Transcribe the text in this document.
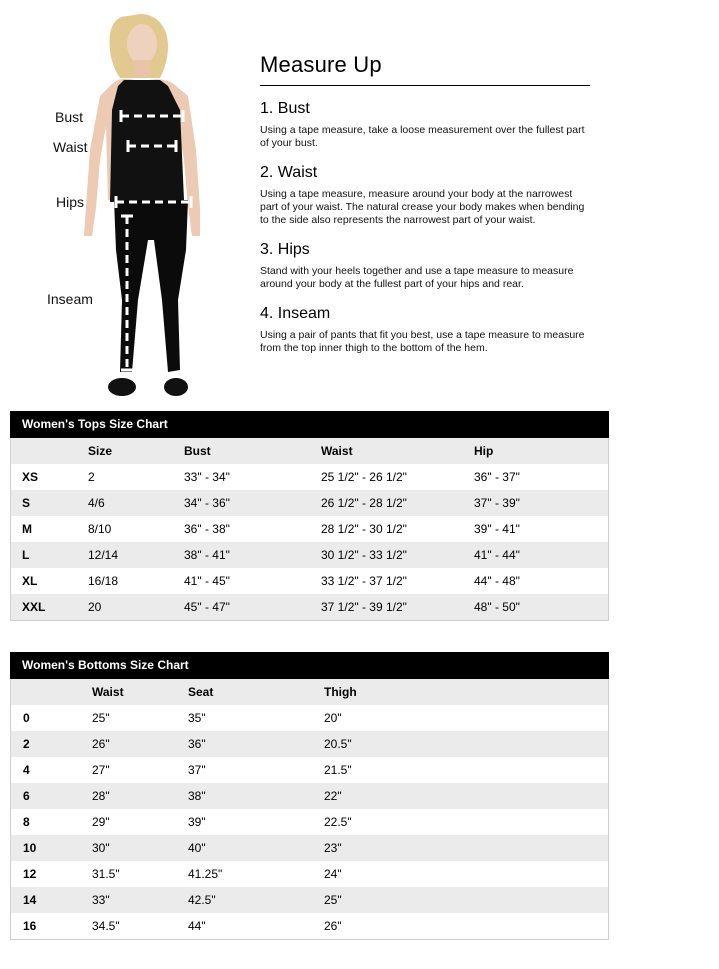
Bust
Waist
Hips
Inseam
Measure Up

1. Bust

Using a tape measure, take a loose measurement over the fullest part of your bust.

2. Waist

Using a tape measure, measure around your body at the narrowest part of your waist. The natural crease your body makes when bending to the side also represents the narrowest part of your waist.

3. Hips

Stand with your heels together and use a tape measure to measure around your body at the fullest part of your hips and rear.

4. Inseam

Using a pair of pants that fit you best, use a tape measure to measure from the top inner thigh to the bottom of the hem.

Women's Tops Size Chart
	Size	Bust	Waist	Hip
XS	2	33" - 34"	25 1/2" - 26 1/2"	36" - 37"
S	4/6	34" - 36"	26 1/2" - 28 1/2"	37" - 39"
M	8/10	36" - 38"	28 1/2" - 30 1/2"	39" - 41"
L	12/14	38" - 41"	30 1/2" - 33 1/2"	41" - 44"
XL	16/18	41" - 45"	33 1/2" - 37 1/2"	44" - 48"
XXL	20	45" - 47"	37 1/2" - 39 1/2"	48" - 50"
Women's Bottoms Size Chart
	Waist	Seat	Thigh	
0	25"	35"	20"	
2	26"	36"	20.5"	
4	27"	37"	21.5"	
6	28"	38"	22"	
8	29"	39"	22.5"	
10	30"	40"	23"	
12	31.5"	41.25"	24"	
14	33"	42.5"	25"	
16	34.5"	44"	26"	
